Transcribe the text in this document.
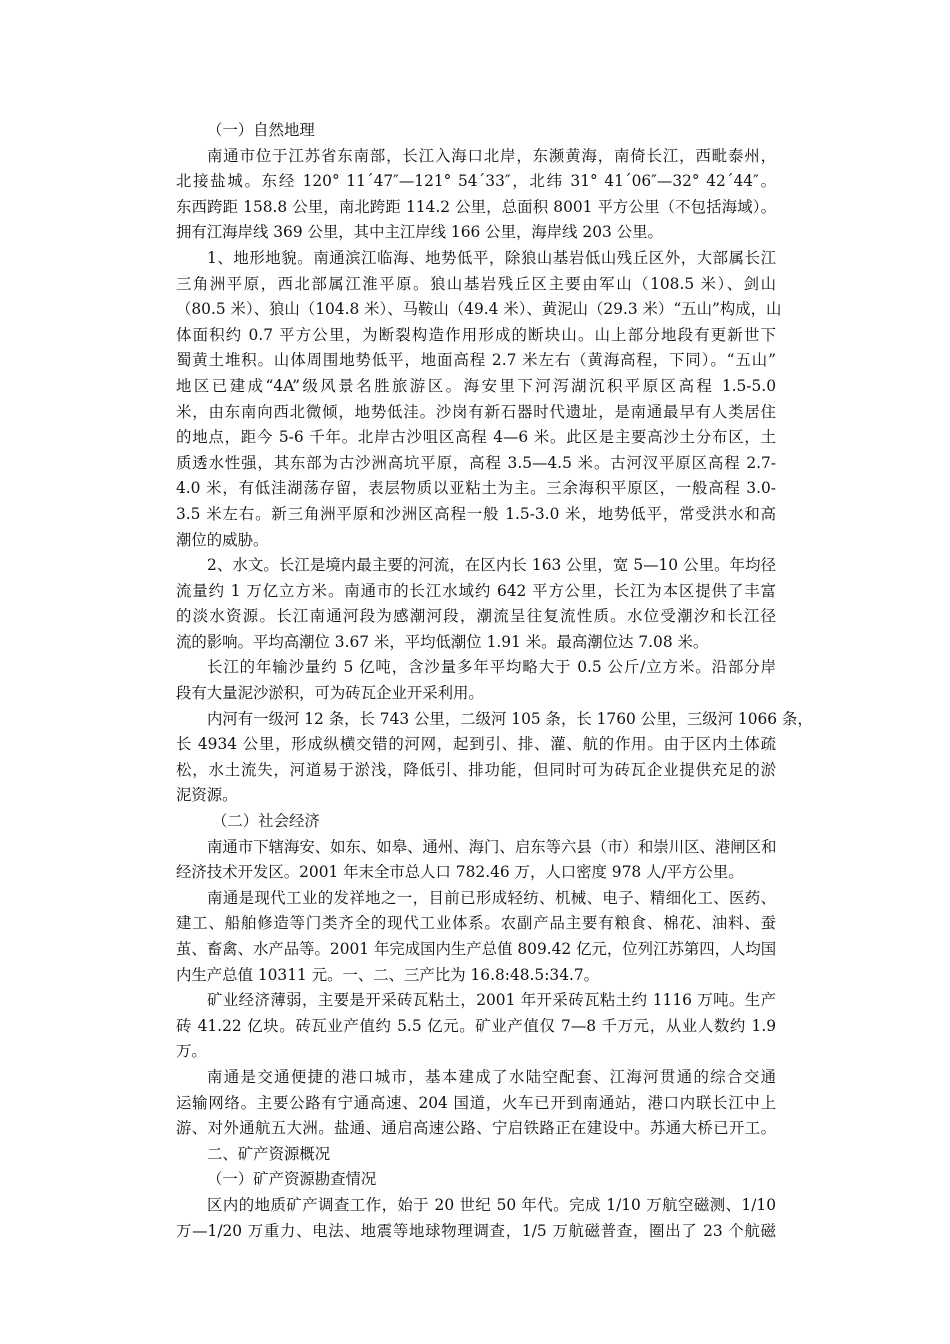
（一）自然地理
南通市位于江苏省东南部，长江入海口北岸，东濒黄海，南倚长江，西毗泰州，
北接盐城。东经 120° 11´47″—121° 54´33″，北纬 31° 41´06″—32° 42´44″。
东西跨距 158.8 公里，南北跨距 114.2 公里，总面积 8001 平方公里（不包括海域）。
拥有江海岸线 369 公里，其中主江岸线 166 公里，海岸线 203 公里。
1、地形地貌。南通滨江临海、地势低平，除狼山基岩低山残丘区外，大部属长江
三角洲平原，西北部属江淮平原。狼山基岩残丘区主要由军山（108.5 米）、剑山
（80.5 米）、狼山（104.8 米）、马鞍山（49.4 米）、黄泥山（29.3 米）“五山”构成，山
体面积约 0.7 平方公里，为断裂构造作用形成的断块山。山上部分地段有更新世下
蜀黄土堆积。山体周围地势低平，地面高程 2.7 米左右（黄海高程，下同）。“五山”
地区已建成“4A”级风景名胜旅游区。海安里下河泻湖沉积平原区高程 1.5-5.0
米，由东南向西北微倾，地势低洼。沙岗有新石器时代遗址，是南通最早有人类居住
的地点，距今 5-6 千年。北岸古沙咀区高程 4—6 米。此区是主要高沙土分布区，土
质透水性强，其东部为古沙洲高坑平原，高程 3.5—4.5 米。古河汊平原区高程 2.7-
4.0 米，有低洼湖荡存留，表层物质以亚粘土为主。三余海积平原区，一般高程 3.0-
3.5 米左右。新三角洲平原和沙洲区高程一般 1.5-3.0 米，地势低平，常受洪水和高
潮位的威胁。
2、水文。长江是境内最主要的河流，在区内长 163 公里，宽 5—10 公里。年均径
流量约 1 万亿立方米。南通市的长江水域约 642 平方公里，长江为本区提供了丰富
的淡水资源。长江南通河段为感潮河段，潮流呈往复流性质。水位受潮汐和长江径
流的影响。平均高潮位 3.67 米，平均低潮位 1.91 米。最高潮位达 7.08 米。
长江的年输沙量约 5 亿吨，含沙量多年平均略大于 0.5 公斤/立方米。沿部分岸
段有大量泥沙淤积，可为砖瓦企业开采利用。
内河有一级河 12 条，长 743 公里，二级河 105 条，长 1760 公里，三级河 1066 条，
长 4934 公里，形成纵横交错的河网，起到引、排、灌、航的作用。由于区内土体疏
松，水土流失，河道易于淤浅，降低引、排功能，但同时可为砖瓦企业提供充足的淤
泥资源。
（二）社会经济
南通市下辖海安、如东、如皋、通州、海门、启东等六县（市）和崇川区、港闸区和
经济技术开发区。2001 年末全市总人口 782.46 万，人口密度 978 人/平方公里。
南通是现代工业的发祥地之一，目前已形成轻纺、机械、电子、精细化工、医药、
建工、船舶修造等门类齐全的现代工业体系。农副产品主要有粮食、棉花、油料、蚕
茧、畜禽、水产品等。2001 年完成国内生产总值 809.42 亿元，位列江苏第四，人均国
内生产总值 10311 元。一、二、三产比为 16.8:48.5:34.7。
矿业经济薄弱，主要是开采砖瓦粘土，2001 年开采砖瓦粘土约 1116 万吨。生产
砖 41.22 亿块。砖瓦业产值约 5.5 亿元。矿业产值仅 7—8 千万元，从业人数约 1.9
万。
南通是交通便捷的港口城市，基本建成了水陆空配套、江海河贯通的综合交通
运输网络。主要公路有宁通高速、204 国道，火车已开到南通站，港口内联长江中上
游、对外通航五大洲。盐通、通启高速公路、宁启铁路正在建设中。苏通大桥已开工。
二、矿产资源概况
（一）矿产资源勘查情况
区内的地质矿产调查工作，始于 20 世纪 50 年代。完成 1/10 万航空磁测、1/10
万—1/20 万重力、电法、地震等地球物理调查，1/5 万航磁普查，圈出了 23 个航磁
